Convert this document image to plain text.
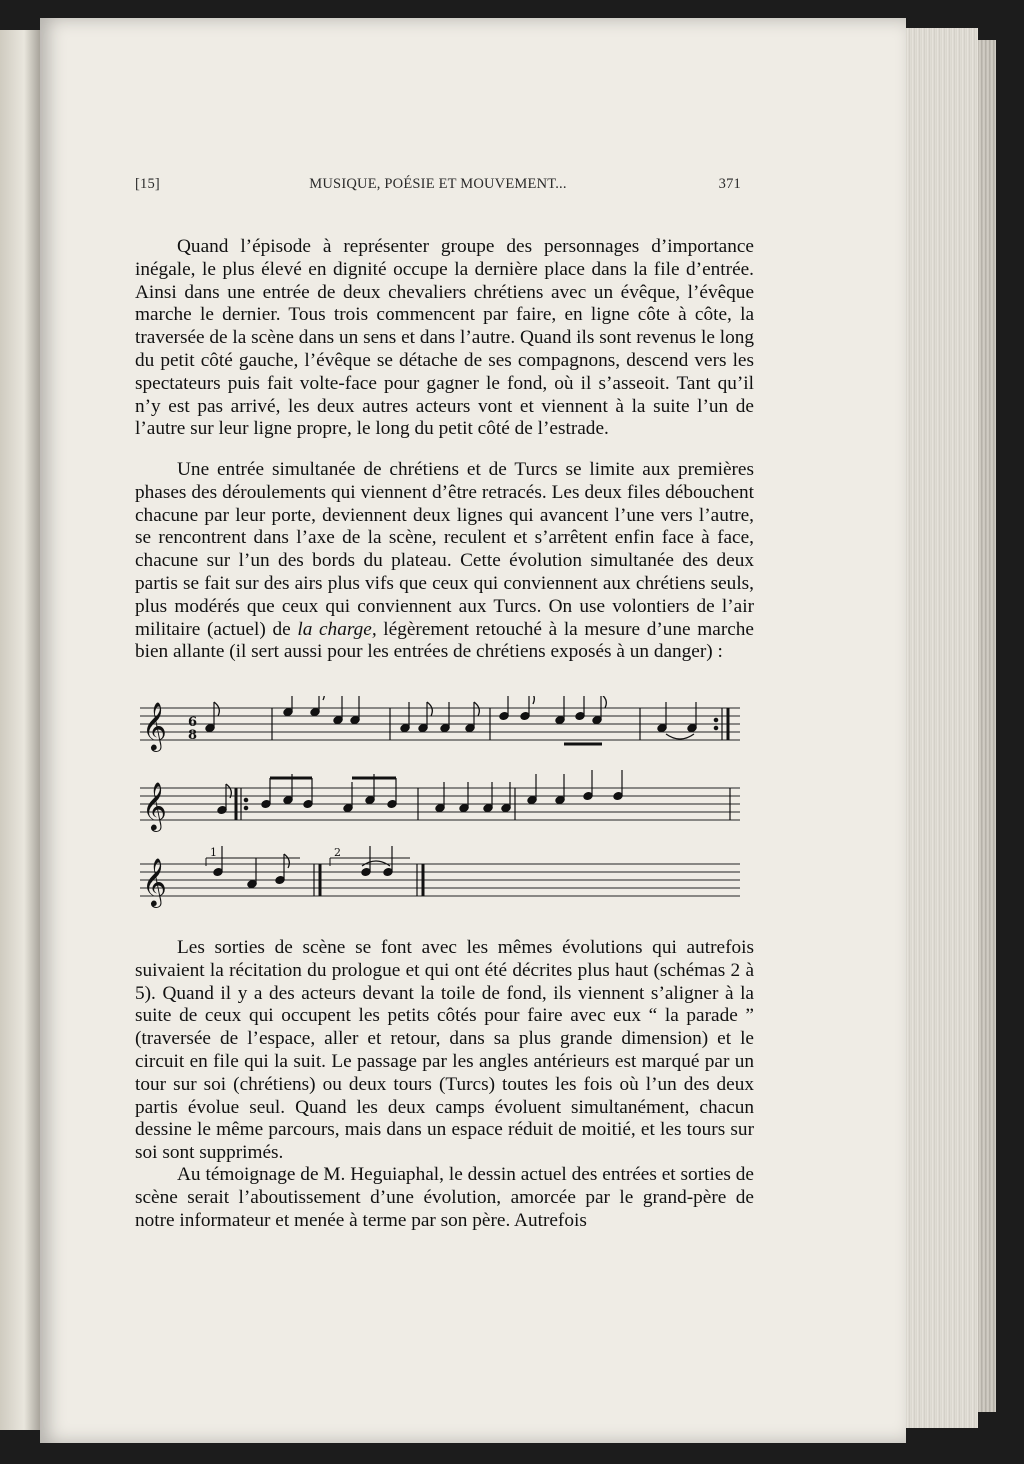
[15]	MUSIQUE, POÉSIE ET MOUVEMENT...	371

Quand l’épisode à représenter groupe des personnages d’importance inégale, le plus élevé en dignité occupe la dernière place dans la file d’entrée. Ainsi dans une entrée de deux chevaliers chrétiens avec un évêque, l’évêque marche le dernier. Tous trois commencent par faire, en ligne côte à côte, la traversée de la scène dans un sens et dans l’autre. Quand ils sont revenus le long du petit côté gauche, l’évêque se détache de ses compagnons, descend vers les spectateurs puis fait volte-face pour gagner le fond, où il s’asseoit. Tant qu’il n’y est pas arrivé, les deux autres acteurs vont et viennent à la suite l’un de l’autre sur leur ligne propre, le long du petit côté de l’estrade.

Une entrée simultanée de chrétiens et de Turcs se limite aux premières phases des déroulements qui viennent d’être retracés. Les deux files débouchent chacune par leur porte, deviennent deux lignes qui avancent l’une vers l’autre, se rencontrent dans l’axe de la scène, reculent et s’arrêtent enfin face à face, chacune sur l’un des bords du plateau. Cette évolution simultanée des deux partis se fait sur des airs plus vifs que ceux qui conviennent aux chrétiens seuls, plus modérés que ceux qui conviennent aux Turcs. On use volontiers de l’air militaire (actuel) de la charge, légèrement retouché à la mesure d’une marche bien allante (il sert aussi pour les entrées de chrétiens exposés à un danger) :

𝄞
𝄞
𝄞
6
8
1	2

Les sorties de scène se font avec les mêmes évolutions qui autrefois suivaient la récitation du prologue et qui ont été décrites plus haut (schémas 2 à 5). Quand il y a des acteurs devant la toile de fond, ils viennent s’aligner à la suite de ceux qui occupent les petits côtés pour faire avec eux “ la parade ” (traversée de l’espace, aller et retour, dans sa plus grande dimension) et le circuit en file qui la suit. Le passage par les angles antérieurs est marqué par un tour sur soi (chrétiens) ou deux tours (Turcs) toutes les fois où l’un des deux partis évolue seul. Quand les deux camps évoluent simultanément, chacun dessine le même parcours, mais dans un espace réduit de moitié, et les tours sur soi sont supprimés.

Au témoignage de M. Heguiaphal, le dessin actuel des entrées et sorties de scène serait l’aboutissement d’une évolution, amorcée par le grand-père de notre informateur et menée à terme par son père. Autrefois
